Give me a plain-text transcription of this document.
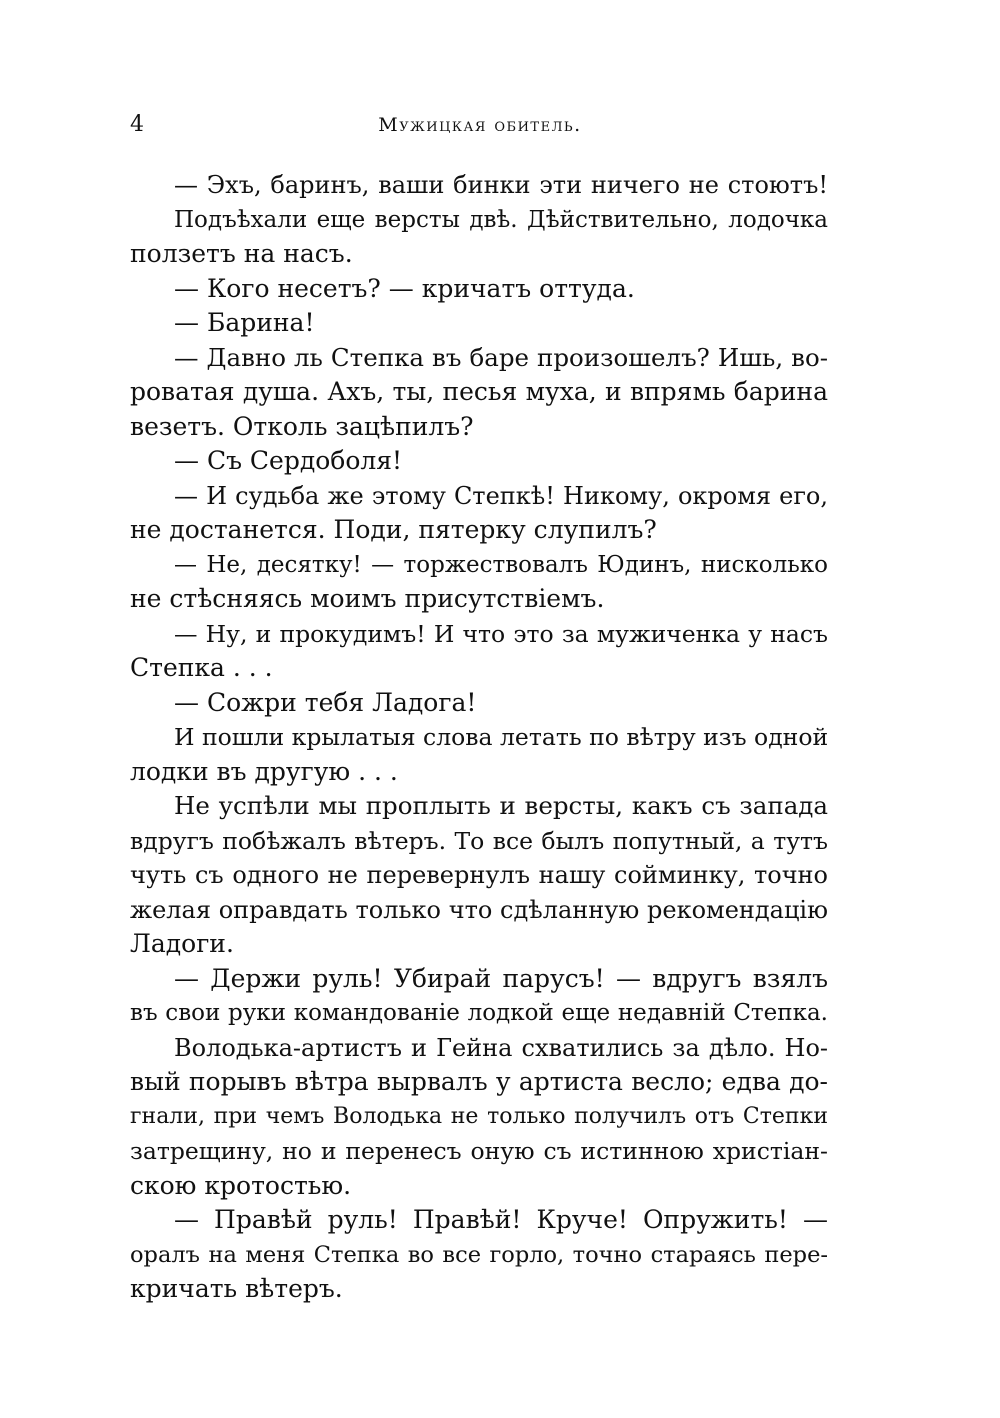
4	Мужицкая обитель.
— Эхъ, баринъ, ваши бинки эти ничего не стоютъ!
Подъѣхали еще версты двѣ. Дѣйствительно, лодочка
ползетъ на насъ.
— Кого несетъ? — кричатъ оттуда.
— Барина!
— Давно ль Степка въ баре произошелъ? Ишь, во-
роватая душа. Ахъ, ты, песья муха, и впрямь барина
везетъ. Отколь зацѣпилъ?
— Съ Сердоболя!
— И судьба же этому Степкѣ! Никому, окромя его,
не достанется. Поди, пятерку слупилъ?
— Не, десятку! — торжествовалъ Юдинъ, нисколько
не стѣсняясь моимъ присутствіемъ.
— Ну, и прокудимъ! И что это за мужиченка у насъ
Степка . . .
— Сожри тебя Ладога!
И пошли крылатыя слова летать по вѣтру изъ одной
лодки въ другую . . .
Не успѣли мы проплыть и версты, какъ съ запада
вдругъ побѣжалъ вѣтеръ. То все былъ попутный, а тутъ
чуть съ одного не перевернулъ нашу сойминку, точно
желая оправдать только что сдѣланную рекомендацію
Ладоги.
— Держи руль! Убирай парусъ! — вдругъ взялъ
въ свои руки командованіе лодкой еще недавній Степка.
Володька-артистъ и Гейна схватились за дѣло. Но-
вый порывъ вѣтра вырвалъ у артиста весло; едва до-
гнали, при чемъ Володька не только получилъ отъ Степки
затрещину, но и перенесъ оную съ истинною христіан-
скою кротостью.
— Правѣй руль! Правѣй! Круче! Опружить! —
оралъ на меня Степка во все горло, точно стараясь пере-
кричать вѣтеръ.
